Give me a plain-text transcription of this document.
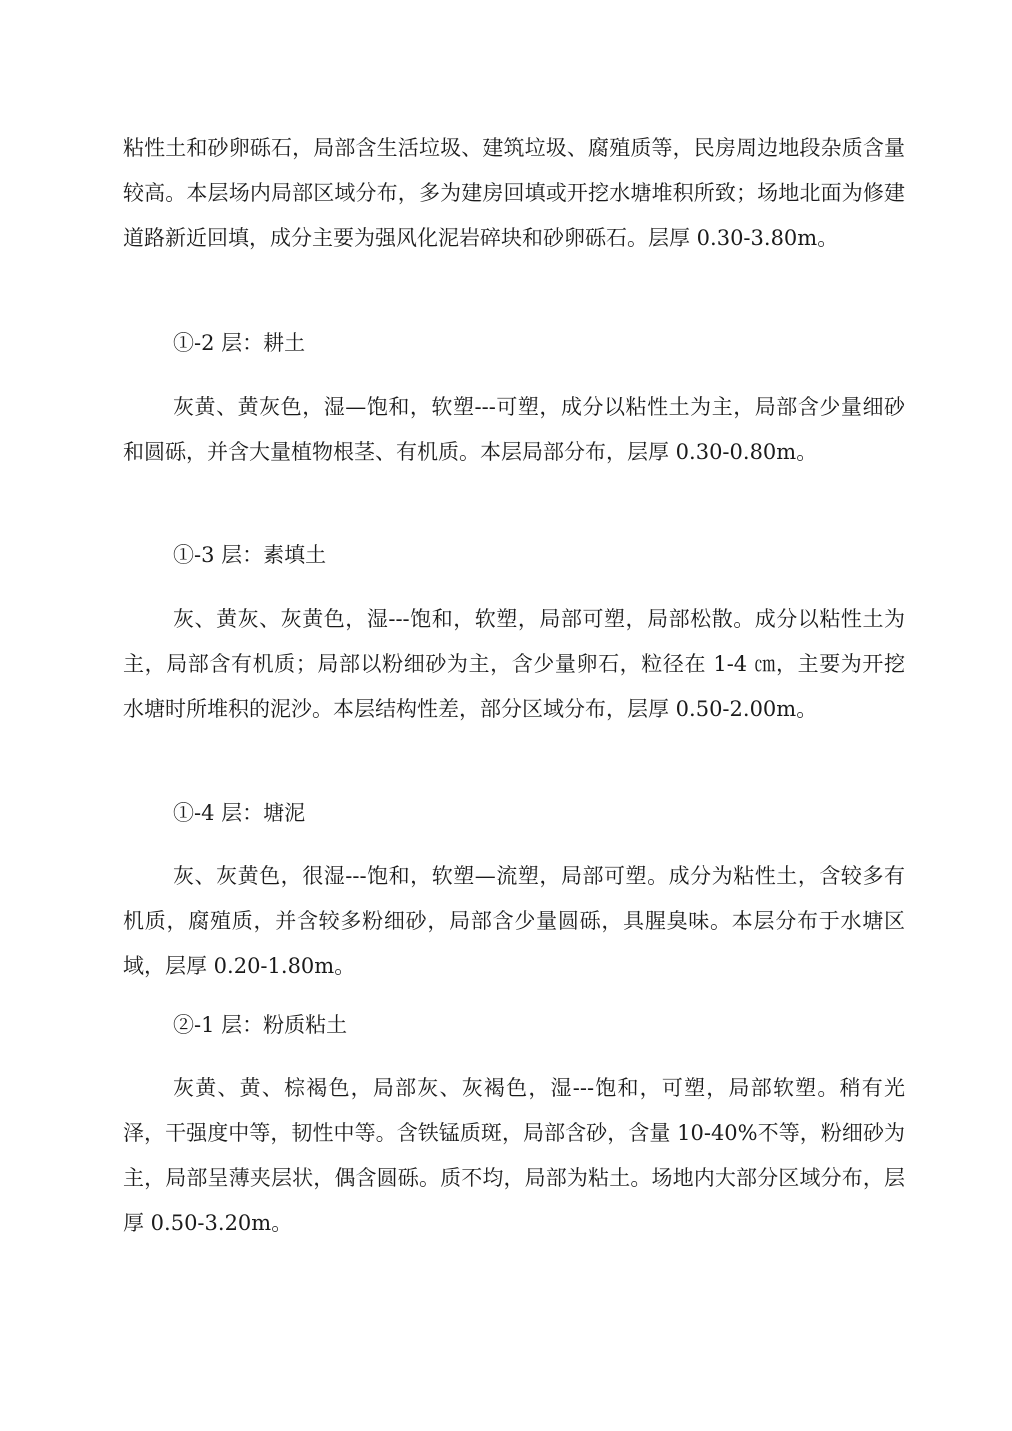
粘性土和砂卵砾石，局部含生活垃圾、建筑垃圾、腐殖质等，民房周边地段杂质含量较高。本层场内局部区域分布，多为建房回填或开挖水塘堆积所致；场地北面为修建道路新近回填，成分主要为强风化泥岩碎块和砂卵砾石。层厚 0.30-3.80m。
①-2 层：耕土
灰黄、黄灰色，湿—饱和，软塑---可塑，成分以粘性土为主，局部含少量细砂和圆砾，并含大量植物根茎、有机质。本层局部分布，层厚 0.30-0.80m。
①-3 层：素填土
灰、黄灰、灰黄色，湿---饱和，软塑，局部可塑，局部松散。成分以粘性土为主，局部含有机质；局部以粉细砂为主，含少量卵石，粒径在 1-4 ㎝，主要为开挖水塘时所堆积的泥沙。本层结构性差，部分区域分布，层厚 0.50-2.00m。
①-4 层：塘泥
灰、灰黄色，很湿---饱和，软塑—流塑，局部可塑。成分为粘性土，含较多有机质，腐殖质，并含较多粉细砂，局部含少量圆砾，具腥臭味。本层分布于水塘区域，层厚 0.20-1.80m。
②-1 层：粉质粘土
灰黄、黄、棕褐色，局部灰、灰褐色，湿---饱和，可塑，局部软塑。稍有光泽，干强度中等，韧性中等。含铁锰质斑，局部含砂，含量 10-40%不等，粉细砂为主，局部呈薄夹层状，偶含圆砾。质不均，局部为粘土。场地内大部分区域分布，层厚 0.50-3.20m。
